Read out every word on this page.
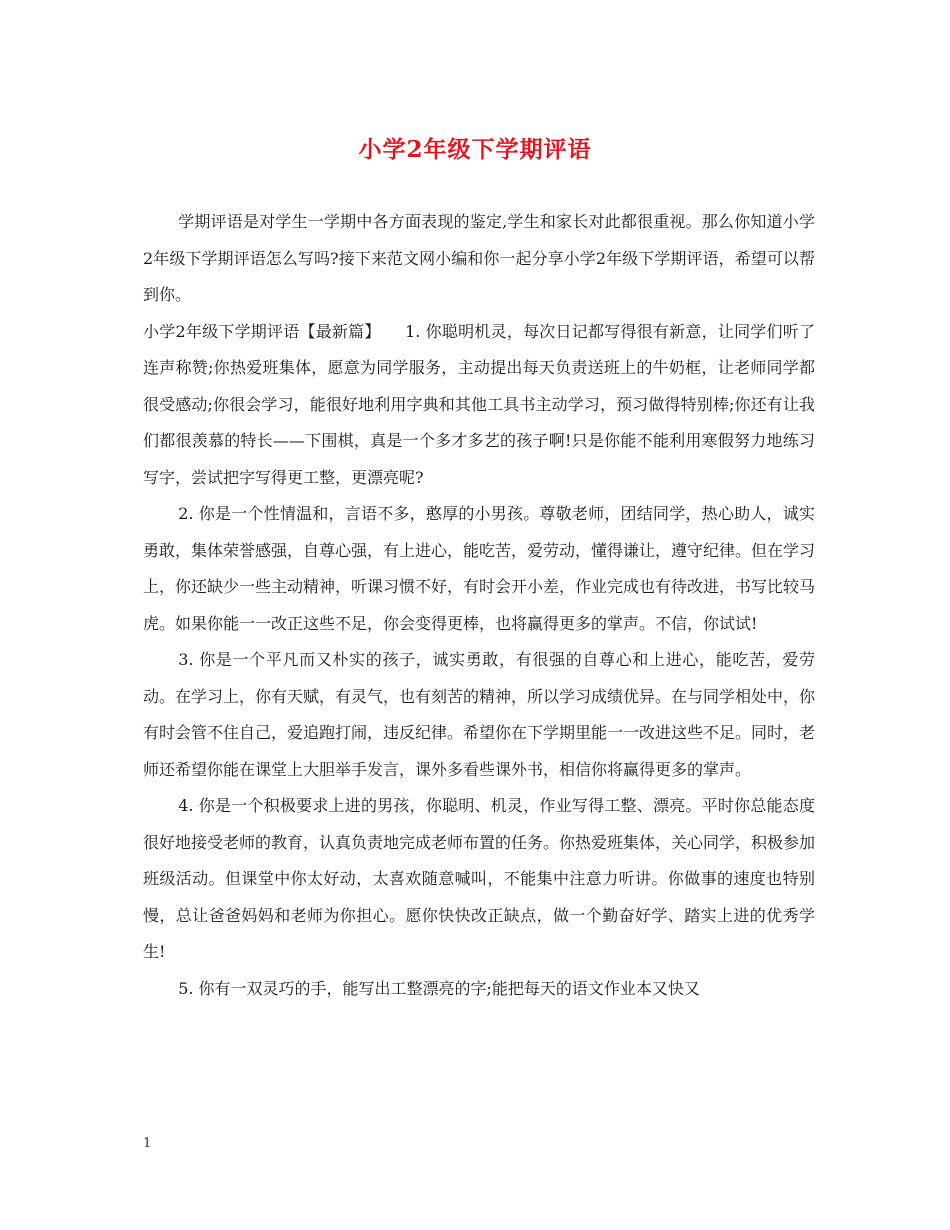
小学2年级下学期评语

学期评语是对学生一学期中各方面表现的鉴定,学生和家长对此都很重视。那么你知道小学2年级下学期评语怎么写吗?接下来范文网小编和你一起分享小学2年级下学期评语，希望可以帮到你。

小学2年级下学期评语【最新篇】　　1. 你聪明机灵，每次日记都写得很有新意，让同学们听了连声称赞;你热爱班集体，愿意为同学服务，主动提出每天负责送班上的牛奶框，让老师同学都很受感动;你很会学习，能很好地利用字典和其他工具书主动学习，预习做得特别棒;你还有让我们都很羡慕的特长——下围棋，真是一个多才多艺的孩子啊!只是你能不能利用寒假努力地练习写字，尝试把字写得更工整，更漂亮呢?

2. 你是一个性情温和，言语不多，憨厚的小男孩。尊敬老师，团结同学，热心助人，诚实勇敢，集体荣誉感强，自尊心强，有上进心，能吃苦，爱劳动，懂得谦让，遵守纪律。但在学习上，你还缺少一些主动精神，听课习惯不好，有时会开小差，作业完成也有待改进，书写比较马虎。如果你能一一改正这些不足，你会变得更棒，也将赢得更多的掌声。不信，你试试!

3. 你是一个平凡而又朴实的孩子，诚实勇敢，有很强的自尊心和上进心，能吃苦，爱劳动。在学习上，你有天赋，有灵气，也有刻苦的精神，所以学习成绩优异。在与同学相处中，你有时会管不住自己，爱追跑打闹，违反纪律。希望你在下学期里能一一改进这些不足。同时，老师还希望你能在课堂上大胆举手发言，课外多看些课外书，相信你将赢得更多的掌声。

4. 你是一个积极要求上进的男孩，你聪明、机灵，作业写得工整、漂亮。平时你总能态度很好地接受老师的教育，认真负责地完成老师布置的任务。你热爱班集体，关心同学，积极参加班级活动。但课堂中你太好动，太喜欢随意喊叫，不能集中注意力听讲。你做事的速度也特别慢，总让爸爸妈妈和老师为你担心。愿你快快改正缺点，做一个勤奋好学、踏实上进的优秀学生!

5. 你有一双灵巧的手，能写出工整漂亮的字;能把每天的语文作业本又快又

1
